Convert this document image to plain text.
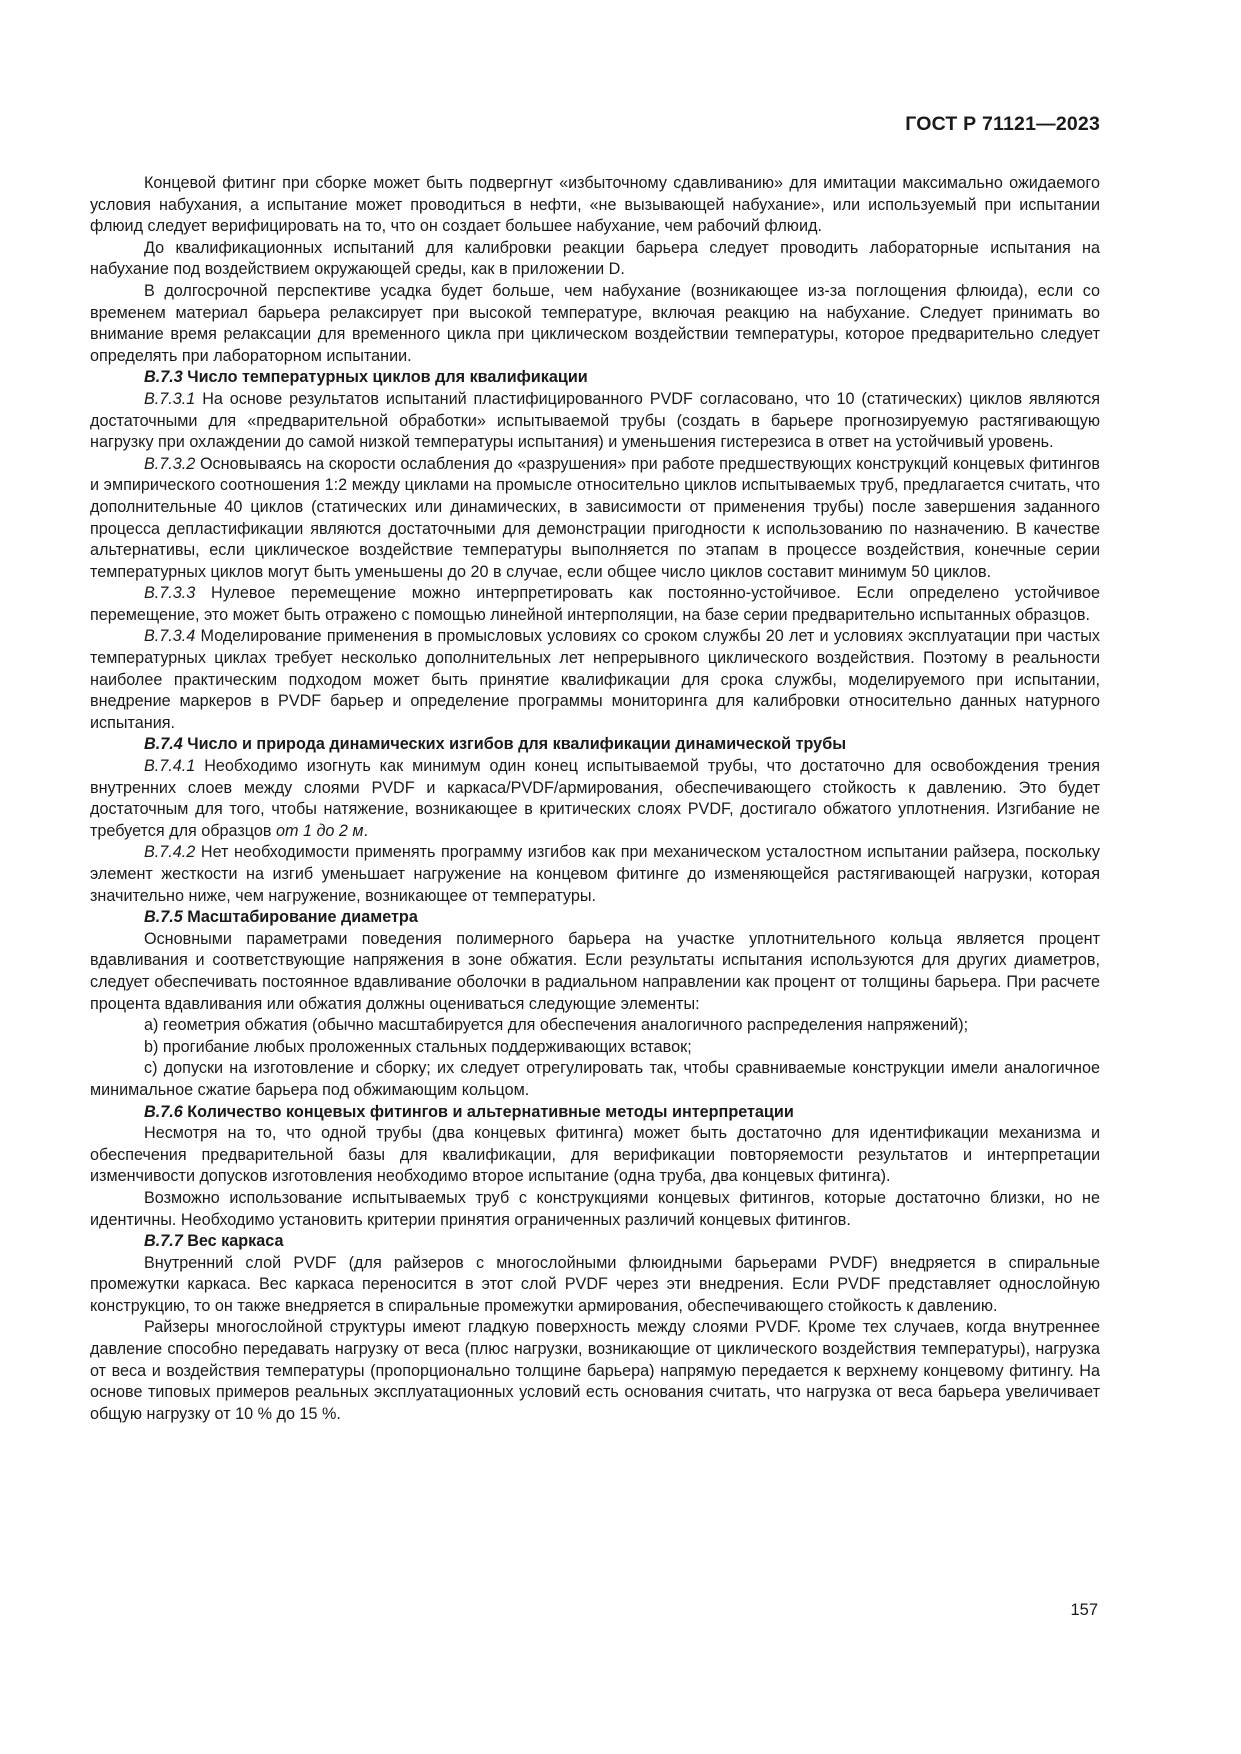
ГОСТ Р 71121—2023

Концевой фитинг при сборке может быть подвергнут «избыточному сдавливанию» для имитации максимально ожидаемого условия набухания, а испытание может проводиться в нефти, «не вызывающей набухание», или используемый при испытании флюид следует верифицировать на то, что он создает большее набухание, чем рабочий флюид.

До квалификационных испытаний для калибровки реакции барьера следует проводить лабораторные испытания на набухание под воздействием окружающей среды, как в приложении D.

В долгосрочной перспективе усадка будет больше, чем набухание (возникающее из-за поглощения флюида), если со временем материал барьера релаксирует при высокой температуре, включая реакцию на набухание. Следует принимать во внимание время релаксации для временного цикла при циклическом воздействии температуры, которое предварительно следует определять при лабораторном испытании.

В.7.3 Число температурных циклов для квалификации

В.7.3.1 На основе результатов испытаний пластифицированного PVDF согласовано, что 10 (статических) циклов являются достаточными для «предварительной обработки» испытываемой трубы (создать в барьере прогнозируемую растягивающую нагрузку при охлаждении до самой низкой температуры испытания) и уменьшения гистерезиса в ответ на устойчивый уровень.

В.7.3.2 Основываясь на скорости ослабления до «разрушения» при работе предшествующих конструкций концевых фитингов и эмпирического соотношения 1:2 между циклами на промысле относительно циклов испытываемых труб, предлагается считать, что дополнительные 40 циклов (статических или динамических, в зависимости от применения трубы) после завершения заданного процесса депластификации являются достаточными для демонстрации пригодности к использованию по назначению. В качестве альтернативы, если циклическое воздействие температуры выполняется по этапам в процессе воздействия, конечные серии температурных циклов могут быть уменьшены до 20 в случае, если общее число циклов составит минимум 50 циклов.

В.7.3.3 Нулевое перемещение можно интерпретировать как постоянно-устойчивое. Если определено устойчивое перемещение, это может быть отражено с помощью линейной интерполяции, на базе серии предварительно испытанных образцов.

В.7.3.4 Моделирование применения в промысловых условиях со сроком службы 20 лет и условиях эксплуатации при частых температурных циклах требует несколько дополнительных лет непрерывного циклического воздействия. Поэтому в реальности наиболее практическим подходом может быть принятие квалификации для срока службы, моделируемого при испытании, внедрение маркеров в PVDF барьер и определение программы мониторинга для калибровки относительно данных натурного испытания.

В.7.4 Число и природа динамических изгибов для квалификации динамической трубы

В.7.4.1 Необходимо изогнуть как минимум один конец испытываемой трубы, что достаточно для освобождения трения внутренних слоев между слоями PVDF и каркаса/PVDF/армирования, обеспечивающего стойкость к давлению. Это будет достаточным для того, чтобы натяжение, возникающее в критических слоях PVDF, достигало обжатого уплотнения. Изгибание не требуется для образцов от 1 до 2 м.

В.7.4.2 Нет необходимости применять программу изгибов как при механическом усталостном испытании райзера, поскольку элемент жесткости на изгиб уменьшает нагружение на концевом фитинге до изменяющейся растягивающей нагрузки, которая значительно ниже, чем нагружение, возникающее от температуры.

В.7.5 Масштабирование диаметра

Основными параметрами поведения полимерного барьера на участке уплотнительного кольца является процент вдавливания и соответствующие напряжения в зоне обжатия. Если результаты испытания используются для других диаметров, следует обеспечивать постоянное вдавливание оболочки в радиальном направлении как процент от толщины барьера. При расчете процента вдавливания или обжатия должны оцениваться следующие элементы:

а) геометрия обжатия (обычно масштабируется для обеспечения аналогичного распределения напряжений);

b) прогибание любых проложенных стальных поддерживающих вставок;

с) допуски на изготовление и сборку; их следует отрегулировать так, чтобы сравниваемые конструкции имели аналогичное минимальное сжатие барьера под обжимающим кольцом.

В.7.6 Количество концевых фитингов и альтернативные методы интерпретации

Несмотря на то, что одной трубы (два концевых фитинга) может быть достаточно для идентификации механизма и обеспечения предварительной базы для квалификации, для верификации повторяемости результатов и интерпретации изменчивости допусков изготовления необходимо второе испытание (одна труба, два концевых фитинга).

Возможно использование испытываемых труб с конструкциями концевых фитингов, которые достаточно близки, но не идентичны. Необходимо установить критерии принятия ограниченных различий концевых фитингов.

В.7.7 Вес каркаса

Внутренний слой PVDF (для райзеров с многослойными флюидными барьерами PVDF) внедряется в спиральные промежутки каркаса. Вес каркаса переносится в этот слой PVDF через эти внедрения. Если PVDF представляет однослойную конструкцию, то он также внедряется в спиральные промежутки армирования, обеспечивающего стойкость к давлению.

Райзеры многослойной структуры имеют гладкую поверхность между слоями PVDF. Кроме тех случаев, когда внутреннее давление способно передавать нагрузку от веса (плюс нагрузки, возникающие от циклического воздействия температуры), нагрузка от веса и воздействия температуры (пропорционально толщине барьера) напрямую передается к верхнему концевому фитингу. На основе типовых примеров реальных эксплуатационных условий есть основания считать, что нагрузка от веса барьера увеличивает общую нагрузку от 10 % до 15 %.

157
